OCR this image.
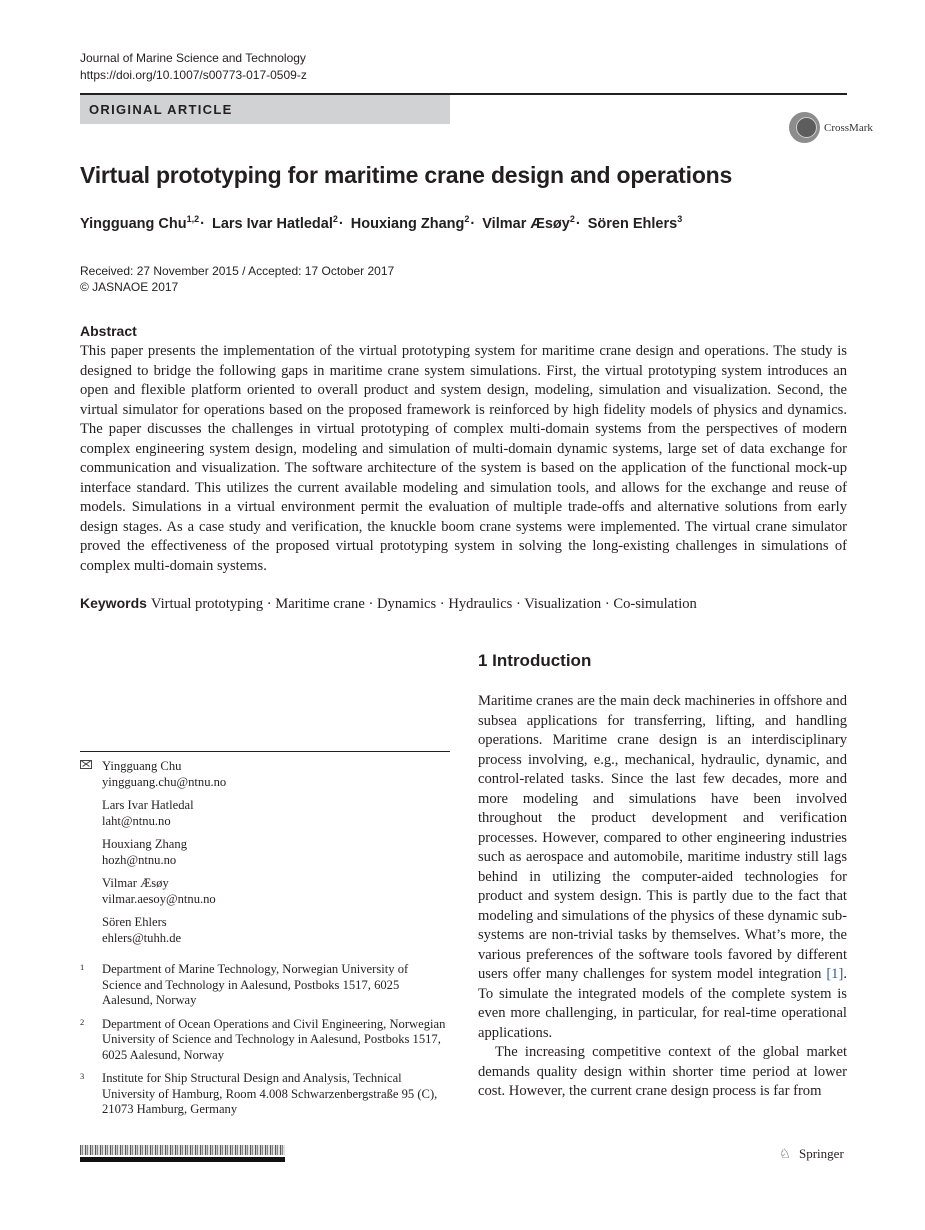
Journal of Marine Science and Technology
https://doi.org/10.1007/s00773-017-0509-z
ORIGINAL ARTICLE
CrossMark
Virtual prototyping for maritime crane design and operations
Yingguang Chu$^{1,2}$· Lars Ivar Hatledal$^2$· Houxiang Zhang$^2$· Vilmar Æsøy$^2$· Sören Ehlers$^3$
Received: 27 November 2015 / Accepted: 17 October 2017
© JASNAOE 2017
Abstract
This paper presents the implementation of the virtual prototyping system for maritime crane design and operations. The study is designed to bridge the following gaps in maritime crane system simulations. First, the virtual prototyping system introduces an open and flexible platform oriented to overall product and system design, modeling, simulation and visualization. Second, the virtual simulator for operations based on the proposed framework is reinforced by high fidelity models of physics and dynamics. The paper discusses the challenges in virtual prototyping of complex multi-domain systems from the perspectives of modern complex engineering system design, modeling and simulation of multi-domain dynamic systems, large set of data exchange for communication and visualization. The software architecture of the system is based on the application of the functional mock-up interface standard. This utilizes the current available modeling and simulation tools, and allows for the exchange and reuse of models. Simulations in a virtual environment permit the evaluation of multiple trade-offs and alternative solutions from early design stages. As a case study and verification, the knuckle boom crane systems were implemented. The virtual crane simulator proved the effectiveness of the proposed virtual prototyping system in solving the long-existing challenges in simulations of complex multi-domain systems.
Keywords Virtual prototyping · Maritime crane · Dynamics · Hydraulics · Visualization · Co-simulation
1 Introduction

Maritime cranes are the main deck machineries in offshore and subsea applications for transferring, lifting, and handling operations. Maritime crane design is an interdisciplinary process involving, e.g., mechanical, hydraulic, dynamic, and control-related tasks. Since the last few decades, more and more modeling and simulations have been involved throughout the product development and verification processes. However, compared to other engineering industries such as aerospace and automobile, maritime industry still lags behind in utilizing the computer-aided technologies for product and system design. This is partly due to the fact that modeling and simulations of the physics of these dynamic sub-systems are non-trivial tasks by themselves. What’s more, the various preferences of the software tools favored by different users offer many challenges for system model integration [1]. To simulate the integrated models of the complete system is even more challenging, in particular, for real-time operational applications.

The increasing competitive context of the global market demands quality design within shorter time period at lower cost. However, the current crane design process is far from

Yingguang Chu
yingguang.chu@ntnu.no
Lars Ivar Hatledal
laht@ntnu.no
Houxiang Zhang
hozh@ntnu.no
Vilmar Æsøy
vilmar.aesoy@ntnu.no
Sören Ehlers
ehlers@tuhh.de
1 Department of Marine Technology, Norwegian University of Science and Technology in Aalesund, Postboks 1517, 6025 Aalesund, Norway
2 Department of Ocean Operations and Civil Engineering, Norwegian University of Science and Technology in Aalesund, Postboks 1517, 6025 Aalesund, Norway
3 Institute for Ship Structural Design and Analysis, Technical University of Hamburg, Room 4.008 Schwarzenbergstraße 95 (C), 21073 Hamburg, Germany
♘ Springer
